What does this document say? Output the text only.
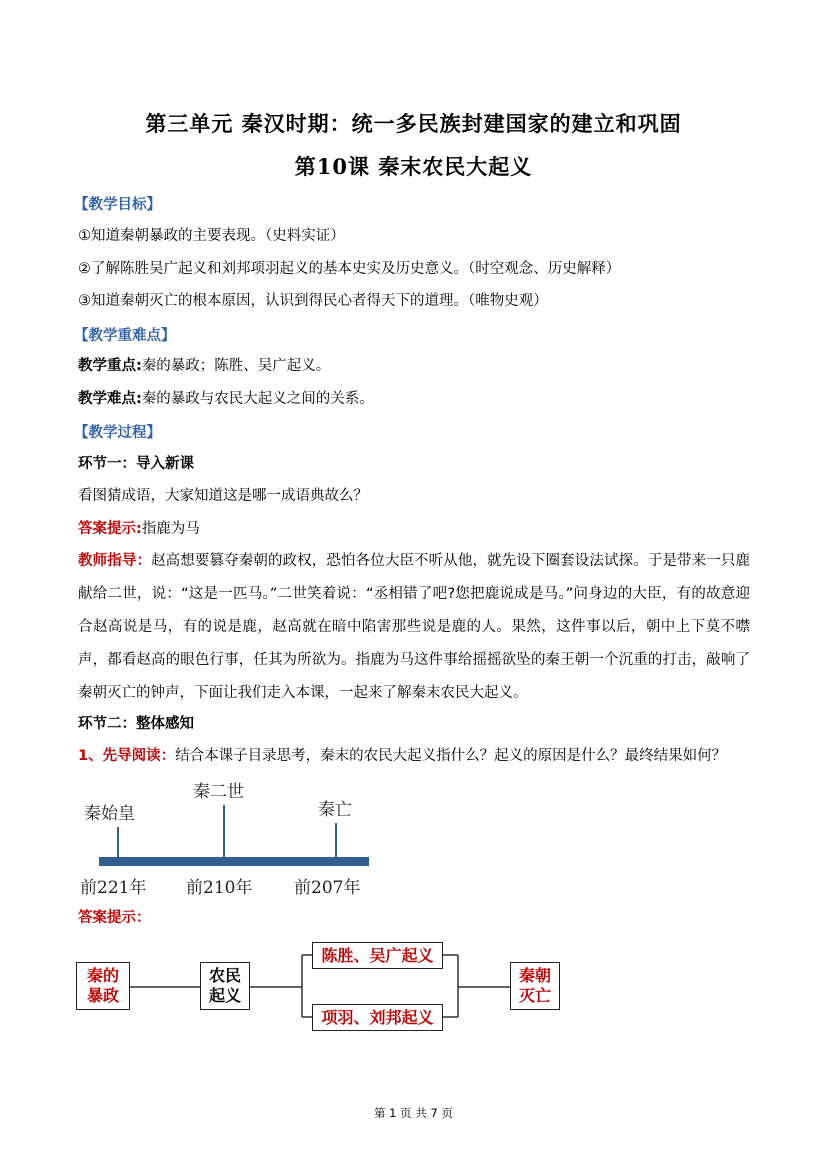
第三单元 秦汉时期：统一多民族封建国家的建立和巩固
第10课 秦末农民大起义
【教学目标】
①知道秦朝暴政的主要表现。（史料实证）
②了解陈胜吴广起义和刘邦项羽起义的基本史实及历史意义。（时空观念、历史解释）
③知道秦朝灭亡的根本原因，认识到得民心者得天下的道理。（唯物史观）
【教学重难点】
教学重点:秦的暴政；陈胜、吴广起义。
教学难点:秦的暴政与农民大起义之间的关系。
【教学过程】
环节一：导入新课
看图猜成语，大家知道这是哪一成语典故么？
答案提示:指鹿为马
教师指导：赵高想要篡夺秦朝的政权，恐怕各位大臣不听从他，就先设下圈套设法试探。于是带来一只鹿献给二世，说：“这是一匹马。”二世笑着说：“丞相错了吧?您把鹿说成是马。”问身边的大臣，有的故意迎合赵高说是马，有的说是鹿，赵高就在暗中陷害那些说是鹿的人。果然，这件事以后，朝中上下莫不噤声，都看赵高的眼色行事，任其为所欲为。指鹿为马这件事给摇摇欲坠的秦王朝一个沉重的打击，敲响了秦朝灭亡的钟声，下面让我们走入本课，一起来了解秦末农民大起义。
环节二：整体感知
1、先导阅读：结合本课子目录思考，秦末的农民大起义指什么？起义的原因是什么？最终结果如何？
秦始皇
秦二世
秦亡
前221年 前210年 前207年
答案提示：
秦的
暴政
农民
起义
陈胜、吴广起义
项羽、刘邦起义
秦朝
灭亡
第 1 页 共 7 页
